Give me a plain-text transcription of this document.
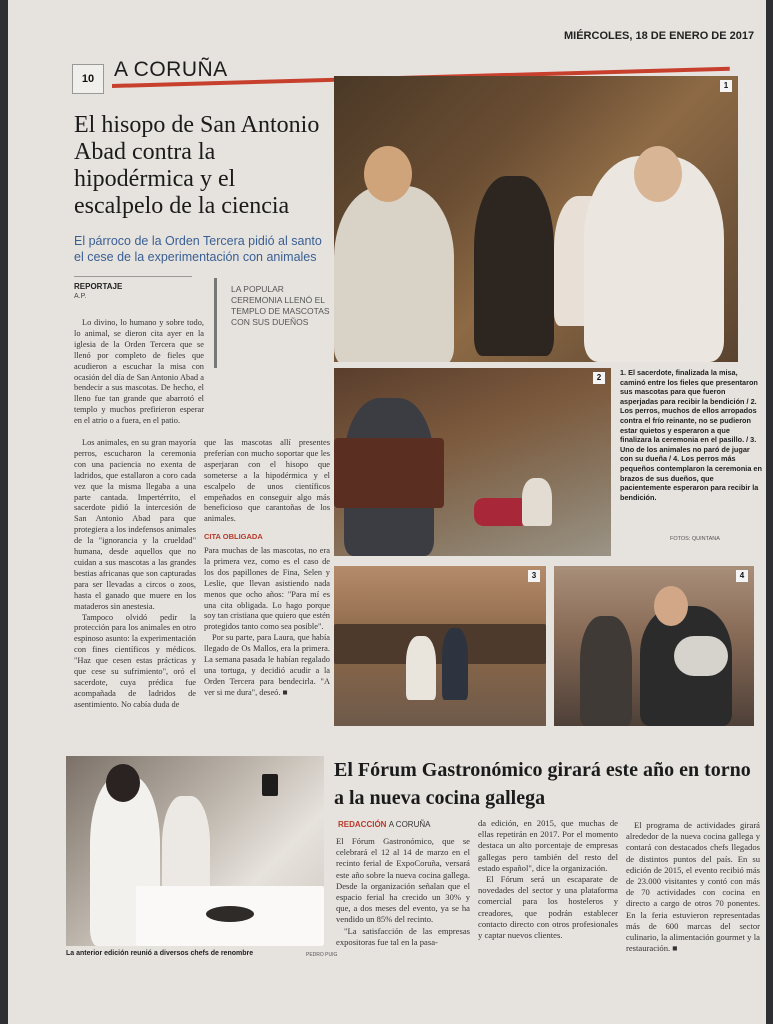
MIÉRCOLES, 18 DE ENERO DE 2017
10 A CORUÑA
El hisopo de San Antonio Abad contra la hipodérmica y el escalpelo de la ciencia
El párroco de la Orden Tercera pidió al santo el cese de la experimentación con animales
REPORTAJE
A.P.
LA POPULAR CEREMONIA LLENÓ EL TEMPLO DE MASCOTAS CON SUS DUEÑOS

Lo divino, lo humano y sobre todo, lo animal, se dieron cita ayer en la iglesia de la Orden Tercera que se llenó por completo de fieles que acudieron a escuchar la misa con ocasión del día de San Antonio Abad a bendecir a sus mascotas. De hecho, el lleno fue tan grande que abarrotó el templo y muchos prefirieron esperar en el atrio o a fuera, en el patio.

Los animales, en su gran mayoría perros, escucharon la ceremonia con una paciencia no exenta de ladridos, que estallaron a coro cada vez que la misma llegaba a una parte cantada. Impertérrito, el sacerdote pidió la intercesión de San Antonio Abad para que protegiera a los indefensos animales de la "ignorancia y la crueldad" humana, desde aquellos que no cuidan a sus mascotas a las grandes bestias africanas que son capturadas para ser llevadas a circos o zoos, hasta el ganado que muere en los mataderos sin anestesia.

Tampoco olvidó pedir la protección para los animales en otro espinoso asunto: la experimentación con fines científicos y médicos. "Haz que cesen estas prácticas y que cese su sufrimiento", oró el sacerdote, cuya prédica fue acompañada de ladridos de asentimiento. No cabía duda de

que las mascotas allí presentes preferían con mucho soportar que les asperjaran con el hisopo que someterse a la hipodérmica y el escalpelo de unos científicos empeñados en conseguir algo más beneficioso que carantoñas de los animales.

CITA OBLIGADA

Para muchas de las mascotas, no era la primera vez, como es el caso de los dos papillones de Fina, Selen y Leslie, que llevan asistiendo nada menos que ocho años: "Para mí es una cita obligada. Lo hago porque soy tan cristiana que quiero que estén protegidos tanto como sea posible".

Por su parte, para Laura, que había llegado de Os Mallos, era la primera. La semana pasada le habían regalado una tortuga, y decidió acudir a la Orden Tercera para bendecirla. "A ver si me dura", deseó. ■

1
2
3	4
1. El sacerdote, finalizada la misa, caminó entre los fieles que presentaron sus mascotas para que fueron asperjadas para recibir la bendición / 2. Los perros, muchos de ellos arropados contra el frío reinante, no se pudieron estar quietos y esperaron a que finalizara la ceremonia en el pasillo. / 3. Uno de los animales no paró de jugar con su dueña / 4. Los perros más pequeños contemplaron la ceremonia en brazos de sus dueños, que pacientemente esperaron para recibir la bendición.
FOTOS: QUINTANA
La anterior edición reunió a diversos chefs de renombre	PEDRO PUIG
El Fórum Gastronómico girará este año en torno a la nueva cocina gallega
REDACCIÓN A CORUÑA

El Fórum Gastronómico, que se celebrará el 12 al 14 de marzo en el recinto ferial de ExpoCoruña, versará este año sobre la nueva cocina gallega. Desde la organización señalan que el espacio ferial ha crecido un 30% y que, a dos meses del evento, ya se ha vendido un 85% del recinto.

"La satisfacción de las empresas expositoras fue tal en la pasa-

da edición, en 2015, que muchas de ellas repetirán en 2017. Por el momento destaca un alto porcentaje de empresas gallegas pero también del resto del estado español", dice la organización.

El Fórum será un escaparate de novedades del sector y una plataforma comercial para los hosteleros y creadores, que podrán establecer contacto directo con otros profesionales y captar nuevos clientes.

El programa de actividades girará alrededor de la nueva cocina gallega y contará con destacados chefs llegados de distintos puntos del país. En su edición de 2015, el evento recibió más de 23.000 visitantes y contó con más de 70 actividades con cocina en directo a cargo de otros 70 ponentes. En la feria estuvieron representadas más de 600 marcas del sector culinario, la alimentación gourmet y la restauración. ■
